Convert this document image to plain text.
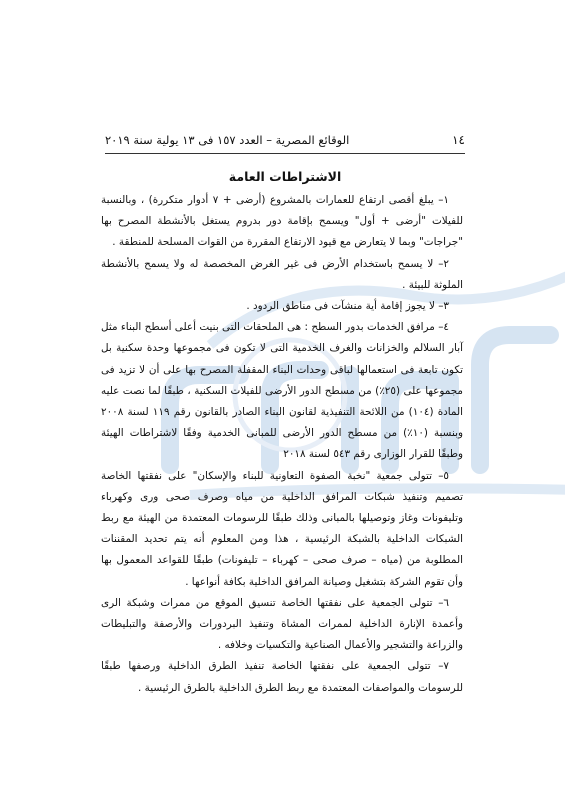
١٤
الوقائع المصرية – العدد ١٥٧ فى ١٣ يولية سنة ٢٠١٩
الاشتراطات العامة

١– يبلغ أقصى ارتفاع للعمارات بالمشروع (أرضى + ٧ أدوار متكررة) ، وبالنسبة للفيلات "أرضى + أول" ويسمح بإقامة دور بدروم يستغل بالأنشطة المصرح بها "جراجات" وبما لا يتعارض مع قيود الارتفاع المقررة من القوات المسلحة للمنطقة .

٢– لا يسمح باستخدام الأرض فى غير الغرض المخصصة له ولا يسمح بالأنشطة الملوثة للبيئة .

٣– لا يجوز إقامة أية منشآت فى مناطق الردود .

٤– مرافق الخدمات بدور السطح : هى الملحقات التى بنيت أعلى أسطح البناء مثل آبار السلالم والخزانات والغرف الخدمية التى لا تكون فى مجموعها وحدة سكنية بل تكون تابعة فى استعمالها لباقى وحدات البناء المقفلة المصرح بها على أن لا تزيد فى مجموعها على (٢٥٪) من مسطح الدور الأرضى للفيلات السكنية ، طبقًا لما نصت عليه المادة (١٠٤) من اللائحة التنفيذية لقانون البناء الصادر بالقانون رقم ١١٩ لسنة ٢٠٠٨ وبنسبة (١٠٪) من مسطح الدور الأرضى للمبانى الخدمية وفقًا لاشتراطات الهيئة وطبقًا للقرار الوزارى رقم ٥٤٣ لسنة ٢٠١٨

٥– تتولى جمعية "نخبة الصفوة التعاونية للبناء والإسكان" على نفقتها الخاصة تصميم وتنفيذ شبكات المرافق الداخلية من مياه وصرف صحى ورى وكهرباء وتليفونات وغاز وتوصيلها بالمبانى وذلك طبقًا للرسومات المعتمدة من الهيئة مع ربط الشبكات الداخلية بالشبكة الرئيسية ، هذا ومن المعلوم أنه يتم تحديد المقننات المطلوبة من (مياه – صرف صحى – كهرباء – تليفونات) طبقًا للقواعد المعمول بها وأن تقوم الشركة بتشغيل وصيانة المرافق الداخلية بكافة أنواعها .

٦– تتولى الجمعية على نفقتها الخاصة تنسيق الموقع من ممرات وشبكة الرى وأعمدة الإنارة الداخلية لممرات المشاة وتنفيذ البردورات والأرصفة والتبليطات والزراعة والتشجير والأعمال الصناعية والتكسيات وخلافه .

٧– تتولى الجمعية على نفقتها الخاصة تنفيذ الطرق الداخلية ورصفها طبقًا للرسومات والمواصفات المعتمدة مع ربط الطرق الداخلية بالطرق الرئيسية .
